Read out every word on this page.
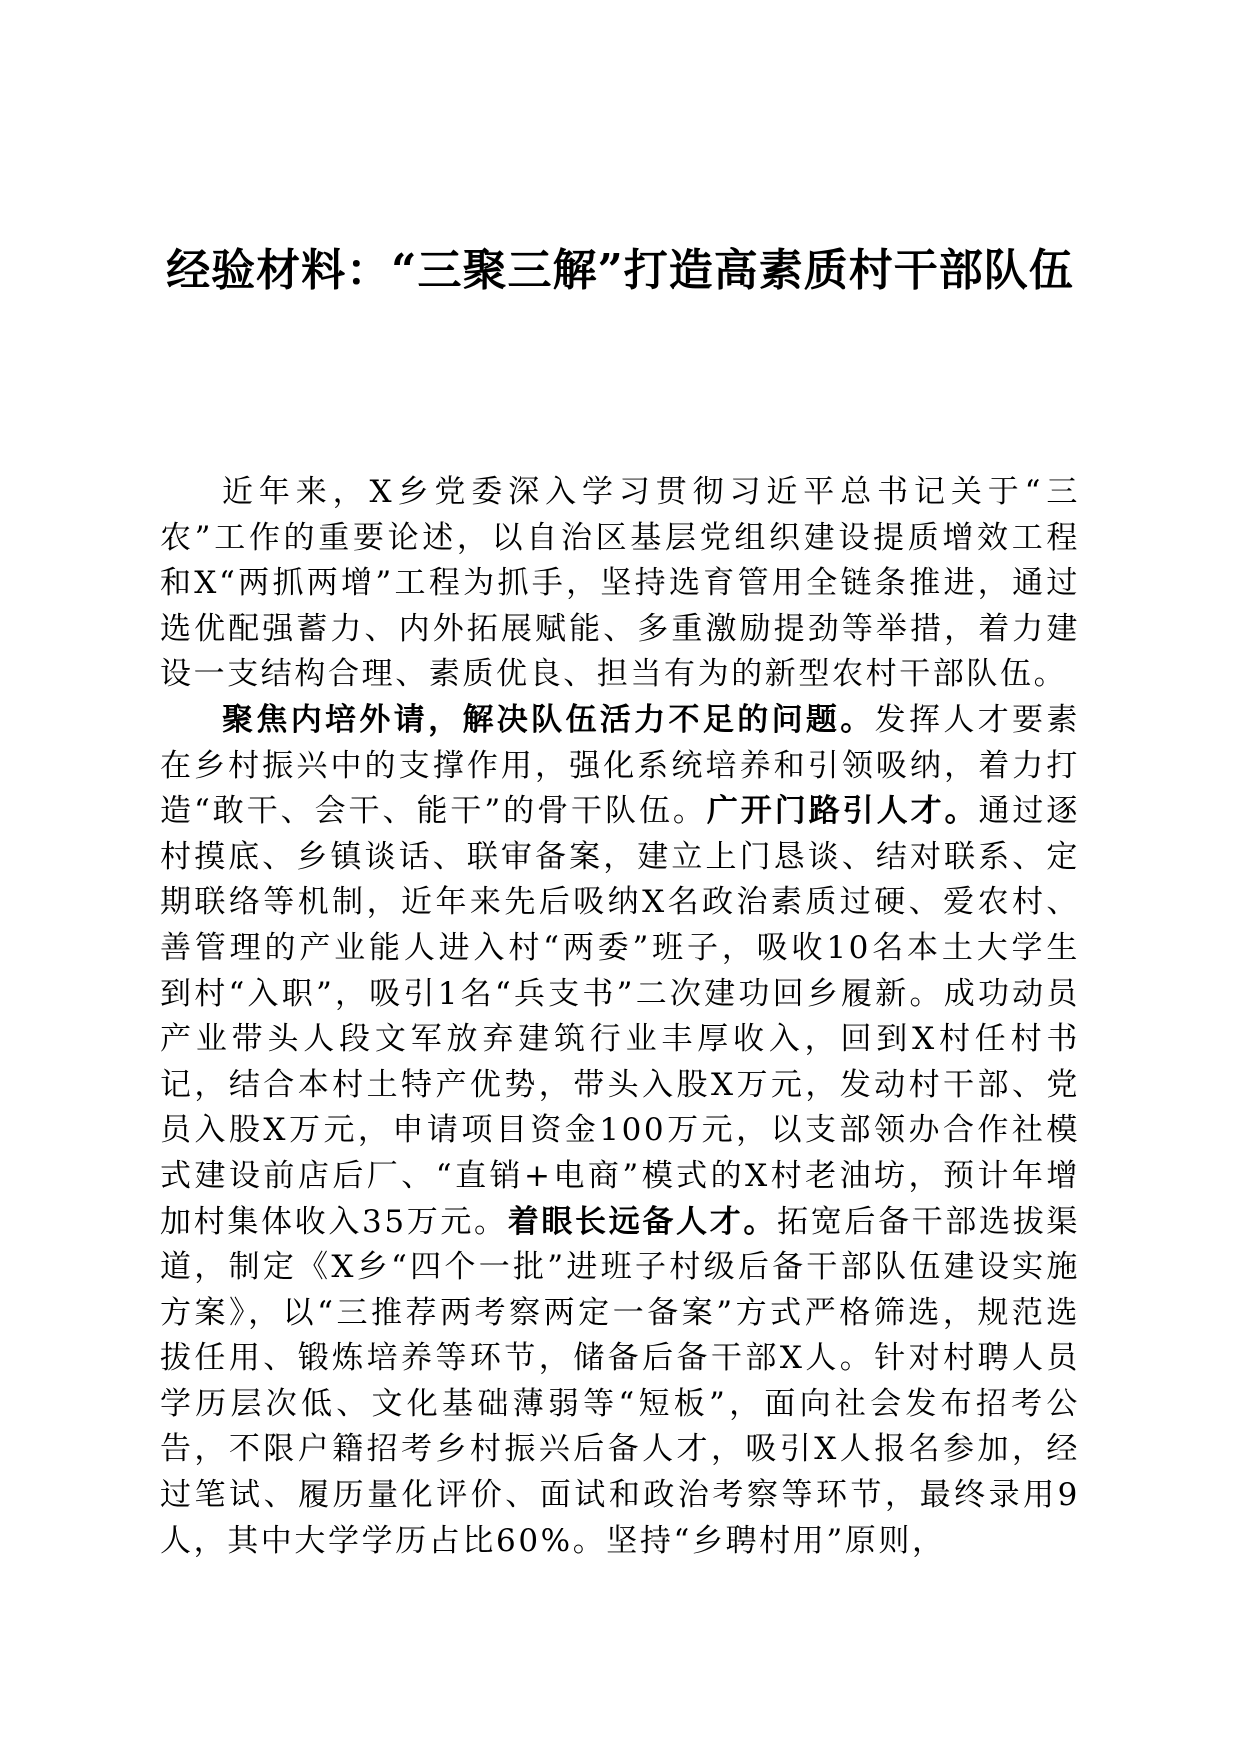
经验材料：“三聚三解”打造高素质村干部队伍

近年来，X乡党委深入学习贯彻习近平总书记关于“三农”工作的重要论述，以自治区基层党组织建设提质增效工程和X“两抓两增”工程为抓手，坚持选育管用全链条推进，通过选优配强蓄力、内外拓展赋能、多重激励提劲等举措，着力建设一支结构合理、素质优良、担当有为的新型农村干部队伍。

聚焦内培外请，解决队伍活力不足的问题。发挥人才要素在乡村振兴中的支撑作用，强化系统培养和引领吸纳，着力打造“敢干、会干、能干”的骨干队伍。广开门路引人才。通过逐村摸底、乡镇谈话、联审备案，建立上门恳谈、结对联系、定期联络等机制，近年来先后吸纳X名政治素质过硬、爱农村、善管理的产业能人进入村“两委”班子，吸收10名本土大学生到村“入职”，吸引1名“兵支书”二次建功回乡履新。成功动员产业带头人段文军放弃建筑行业丰厚收入，回到X村任村书记，结合本村土特产优势，带头入股X万元，发动村干部、党员入股X万元，申请项目资金100万元，以支部领办合作社模式建设前店后厂、“直销+电商”模式的X村老油坊，预计年增加村集体收入35万元。着眼长远备人才。拓宽后备干部选拔渠道，制定《X乡“四个一批”进班子村级后备干部队伍建设实施方案》，以“三推荐两考察两定一备案”方式严格筛选，规范选拔任用、锻炼培养等环节，储备后备干部X人。针对村聘人员学历层次低、文化基础薄弱等“短板”，面向社会发布招考公告，不限户籍招考乡村振兴后备人才，吸引X人报名参加，经过笔试、履历量化评价、面试和政治考察等环节，最终录用9人，其中大学学历占比60%。坚持“乡聘村用”原则，
